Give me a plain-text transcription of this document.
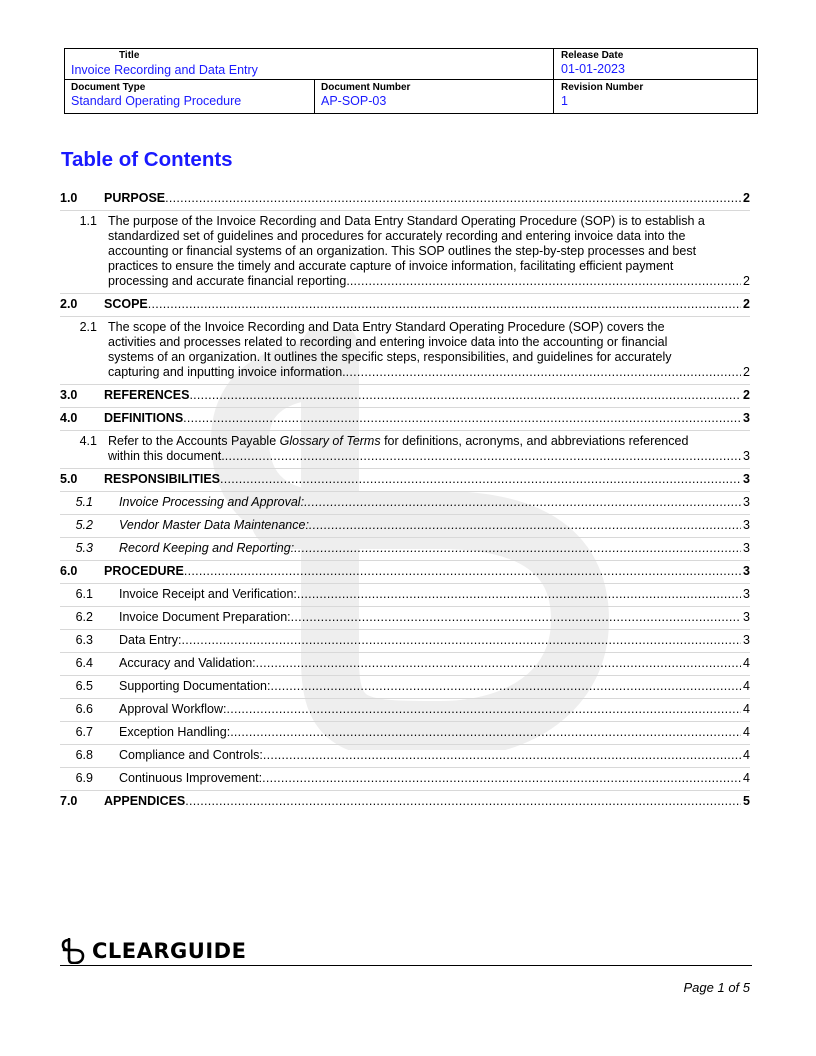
Title
Invoice Recording and Data Entry
Release Date
01-01-2023
Document Type
Standard Operating Procedure
Document Number
AP-SOP-03
Revision Number
1
Table of Contents
1.0	PURPOSE . . .	2
1.1 The purpose of the Invoice Recording and Data Entry Standard Operating Procedure (SOP) is to establish a
standardized set of guidelines and procedures for accurately recording and entering invoice data into the
accounting or financial systems of an organization. This SOP outlines the step-by-step processes and best
practices to ensure the timely and accurate capture of invoice information, facilitating efficient payment
processing and accurate financial reporting. . . .	2
2.0	SCOPE . . .	2
2.1 The scope of the Invoice Recording and Data Entry Standard Operating Procedure (SOP) covers the
activities and processes related to recording and entering invoice data into the accounting or financial
systems of an organization. It outlines the specific steps, responsibilities, and guidelines for accurately
capturing and inputting invoice information. . . .	2
3.0	REFERENCES . . .	2
4.0	DEFINITIONS . . .	3
4.1 Refer to the Accounts Payable Glossary of Terms for definitions, acronyms, and abbreviations referenced
within this document. . . .	3
5.0	RESPONSIBILITIES . . .	3
5.1	Invoice Processing and Approval: . . .	3
5.2	Vendor Master Data Maintenance: . . .	3
5.3	Record Keeping and Reporting: . . .	3
6.0	PROCEDURE . . .	3
6.1	Invoice Receipt and Verification: . . .	3
6.2	Invoice Document Preparation: . . .	3
6.3	Data Entry: . . .	3
6.4	Accuracy and Validation: . . .	4
6.5	Supporting Documentation: . . .	4
6.6	Approval Workflow: . . .	4
6.7	Exception Handling: . . .	4
6.8	Compliance and Controls: . . .	4
6.9	Continuous Improvement: . . .	4
7.0	APPENDICES . . .	5
CLEARGUIDE
Page 1 of 5
